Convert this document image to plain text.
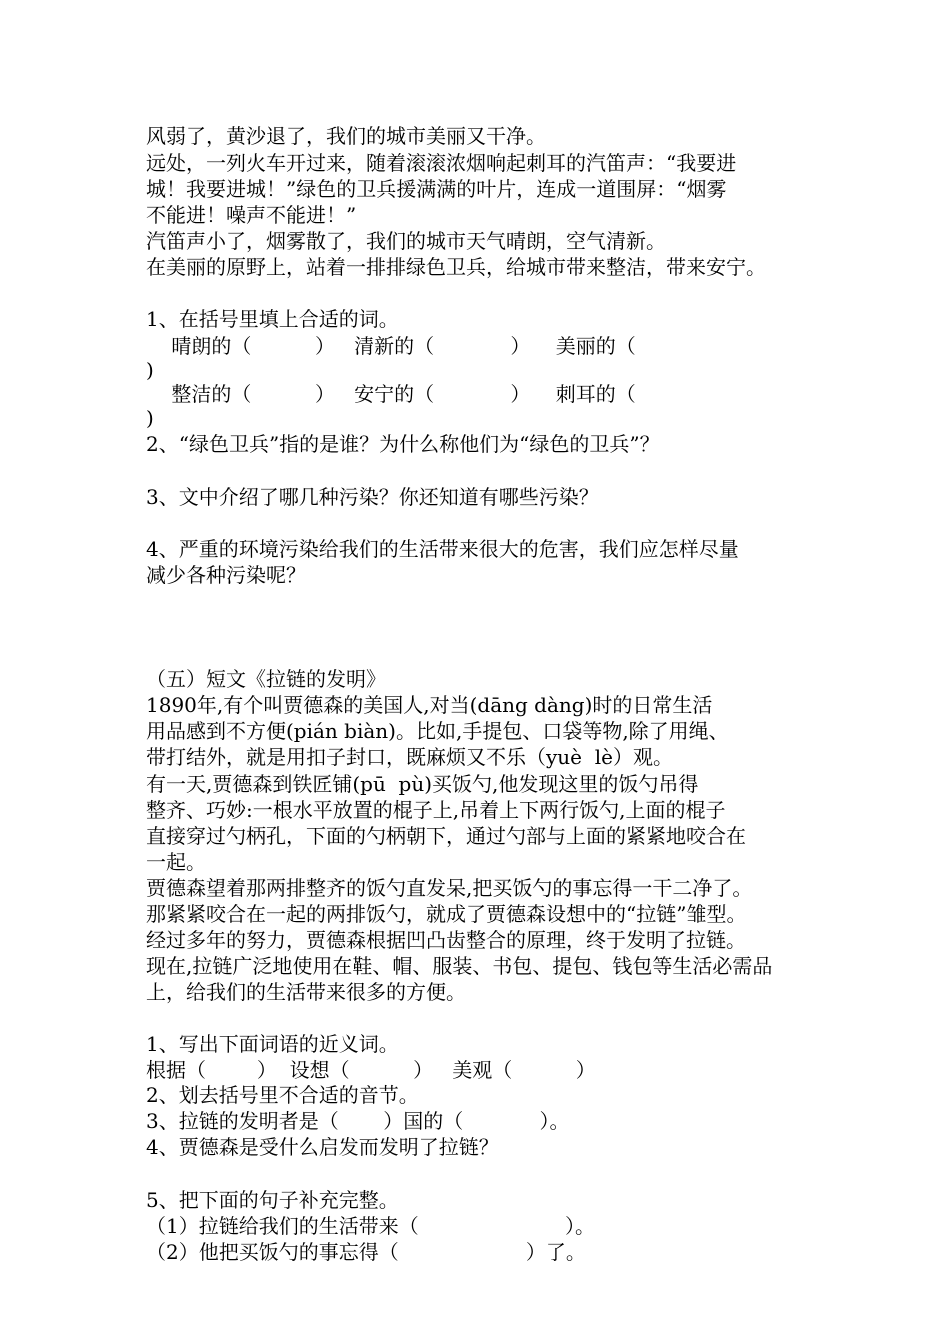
风弱了，黄沙退了，我们的城市美丽又干净。
远处，一列火车开过来，随着滚滚浓烟响起刺耳的汽笛声：“我要进
城！我要进城！”绿色的卫兵援满满的叶片，连成一道围屏：“烟雾
不能进！噪声不能进！”
汽笛声小了，烟雾散了，我们的城市天气晴朗，空气清新。
在美丽的原野上，站着一排排绿色卫兵，给城市带来整洁，带来安宁。
1、在括号里填上合适的词。
晴朗的（          ）   清新的（            ）    美丽的（
)
整洁的（          ）   安宁的（            ）    刺耳的（
)
2、“绿色卫兵”指的是谁？为什么称他们为“绿色的卫兵”？
3、文中介绍了哪几种污染？你还知道有哪些污染？
4、严重的环境污染给我们的生活带来很大的危害，我们应怎样尽量
减少各种污染呢？
（五）短文《拉链的发明》
1890年,有个叫贾德森的美国人,对当(dāng dàng)时的日常生活
用品感到不方便(pián biàn)。比如,手提包、口袋等物,除了用绳、
带打结外，就是用扣子封口，既麻烦又不乐（yuè  lè）观。
有一天,贾德森到铁匠铺(pū  pù)买饭勺,他发现这里的饭勺吊得
整齐、巧妙:一根水平放置的棍子上,吊着上下两行饭勺,上面的棍子
直接穿过勺柄孔，下面的勺柄朝下，通过勺部与上面的紧紧地咬合在
一起。
贾德森望着那两排整齐的饭勺直发呆,把买饭勺的事忘得一干二净了。
那紧紧咬合在一起的两排饭勺，就成了贾德森设想中的“拉链”雏型。
经过多年的努力，贾德森根据凹凸齿整合的原理，终于发明了拉链。
现在,拉链广泛地使用在鞋、帽、服装、书包、提包、钱包等生活必需品
上，给我们的生活带来很多的方便。
1、写出下面词语的近义词。
根据（        ）  设想（          ）   美观（          ）
2、划去括号里不合适的音节。
3、拉链的发明者是（       ）国的（            ）。
4、贾德森是受什么启发而发明了拉链？
5、把下面的句子补充完整。
（1）拉链给我们的生活带来（                       ）。
（2）他把买饭勺的事忘得（                    ）了。
